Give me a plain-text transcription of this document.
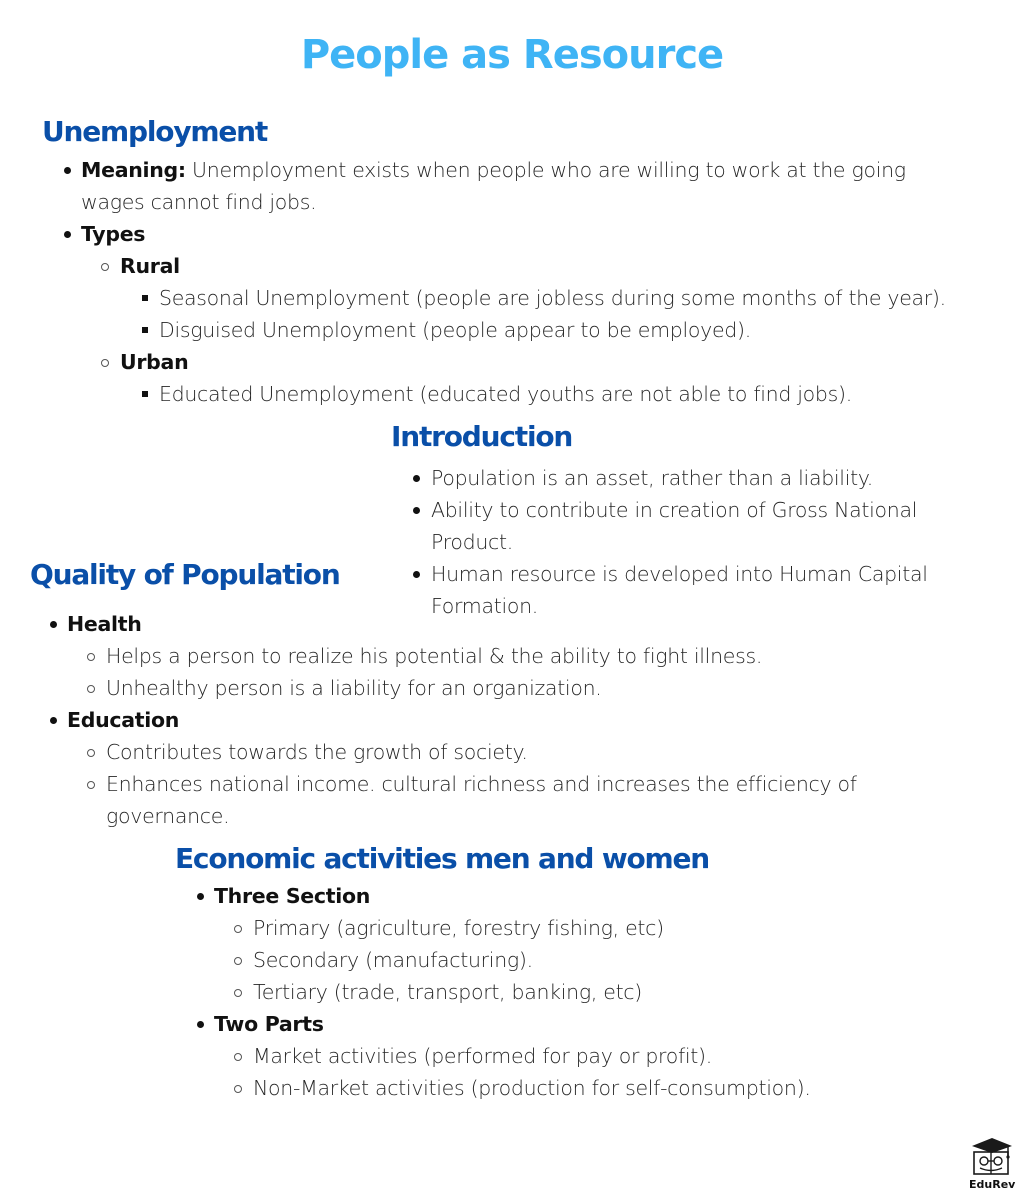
People as Resource
Unemployment
Meaning: Unemployment exists when people who are willing to work at the going
wages cannot find jobs.
Types
Rural
Seasonal Unemployment (people are jobless during some months of the year).
Disguised Unemployment (people appear to be employed).
Urban
Educated Unemployment (educated youths are not able to find jobs).
Introduction
Population is an asset, rather than a liability.
Ability to contribute in creation of Gross National
Product.
Human resource is developed into Human Capital
Formation.
Quality of Population
Health
Helps a person to realize his potential & the ability to fight illness.
Unhealthy person is a liability for an organization.
Education
Contributes towards the growth of society.
Enhances national income. cultural richness and increases the efficiency of
governance.
Economic activities men and women
Three Section
Primary (agriculture, forestry fishing, etc)
Secondary (manufacturing).
Tertiary (trade, transport, banking, etc)
Two Parts
Market activities (performed for pay or profit).
Non-Market activities (production for self-consumption).
EduRev
